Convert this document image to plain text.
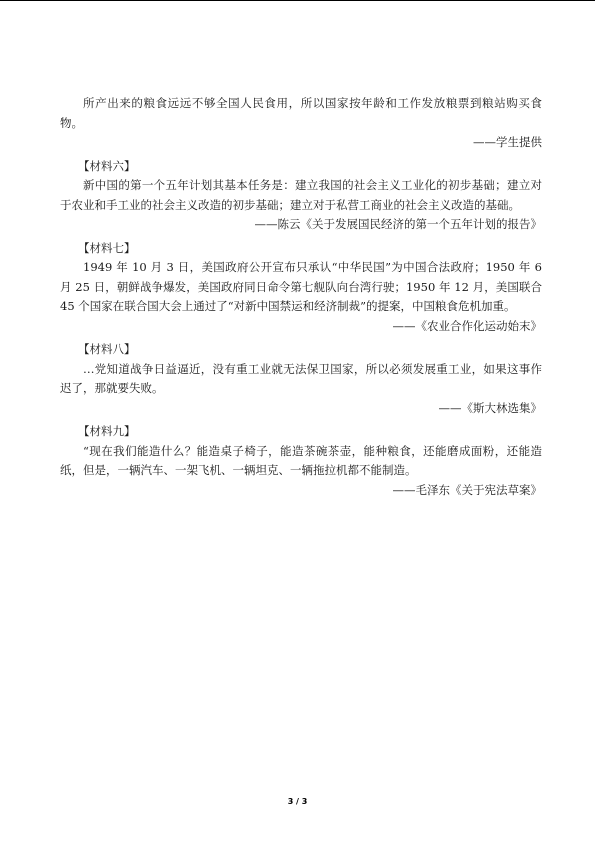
所产出来的粮食远远不够全国人民食用，所以国家按年龄和工作发放粮票到粮站购买食物。

——学生提供

【材料六】

新中国的第一个五年计划其基本任务是：建立我国的社会主义工业化的初步基础；建立对于农业和手工业的社会主义改造的初步基础；建立对于私营工商业的社会主义改造的基础。

——陈云《关于发展国民经济的第一个五年计划的报告》

【材料七】

1949 年 10 月 3 日，美国政府公开宣布只承认“中华民国”为中国合法政府；1950 年 6 月 25 日，朝鲜战争爆发，美国政府同日命令第七舰队向台湾行驶；1950 年 12 月，美国联合 45 个国家在联合国大会上通过了“对新中国禁运和经济制裁”的提案，中国粮食危机加重。

——《农业合作化运动始末》

【材料八】

…党知道战争日益逼近，没有重工业就无法保卫国家，所以必须发展重工业，如果这事作迟了，那就要失败。

——《斯大林选集》

【材料九】

“现在我们能造什么？能造桌子椅子，能造茶碗茶壶，能种粮食，还能磨成面粉，还能造纸，但是，一辆汽车、一架飞机、一辆坦克、一辆拖拉机都不能制造。

——毛泽东《关于宪法草案》

3 / 3
